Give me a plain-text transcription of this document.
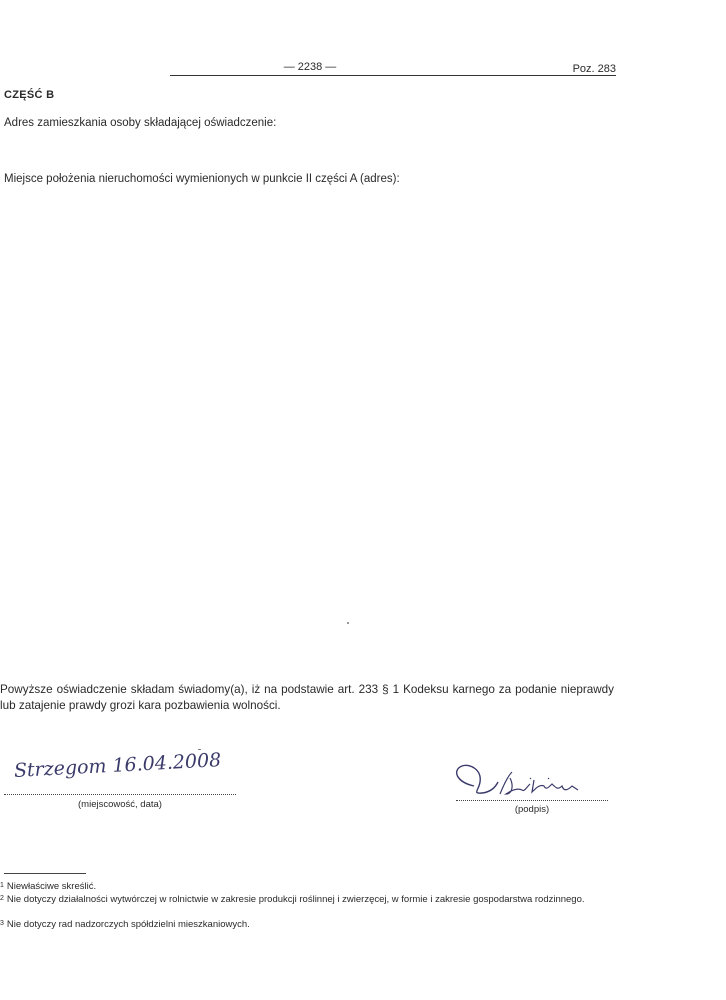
— 2238 —	Poz. 283
CZĘŚĆ B
Adres zamieszkania osoby składającej oświadczenie:
Miejsce położenia nieruchomości wymienionych w punkcie II części A (adres):
Powyższe oświadczenie składam świadomy(a), iż na podstawie art. 233 § 1 Kodeksu karnego za podanie nieprawdy lub zatajenie prawdy grozi kara pozbawienia wolności.
Strzegom 16.04.2008
(miejscowość, data)	(podpis)
$^1$ Niewłaściwe skreślić.
$^2$ Nie dotyczy działalności wytwórczej w rolnictwie w zakresie produkcji roślinnej i zwierzęcej, w formie i zakresie gospodarstwa rodzinnego.
$^3$ Nie dotyczy rad nadzorczych spółdzielni mieszkaniowych.
